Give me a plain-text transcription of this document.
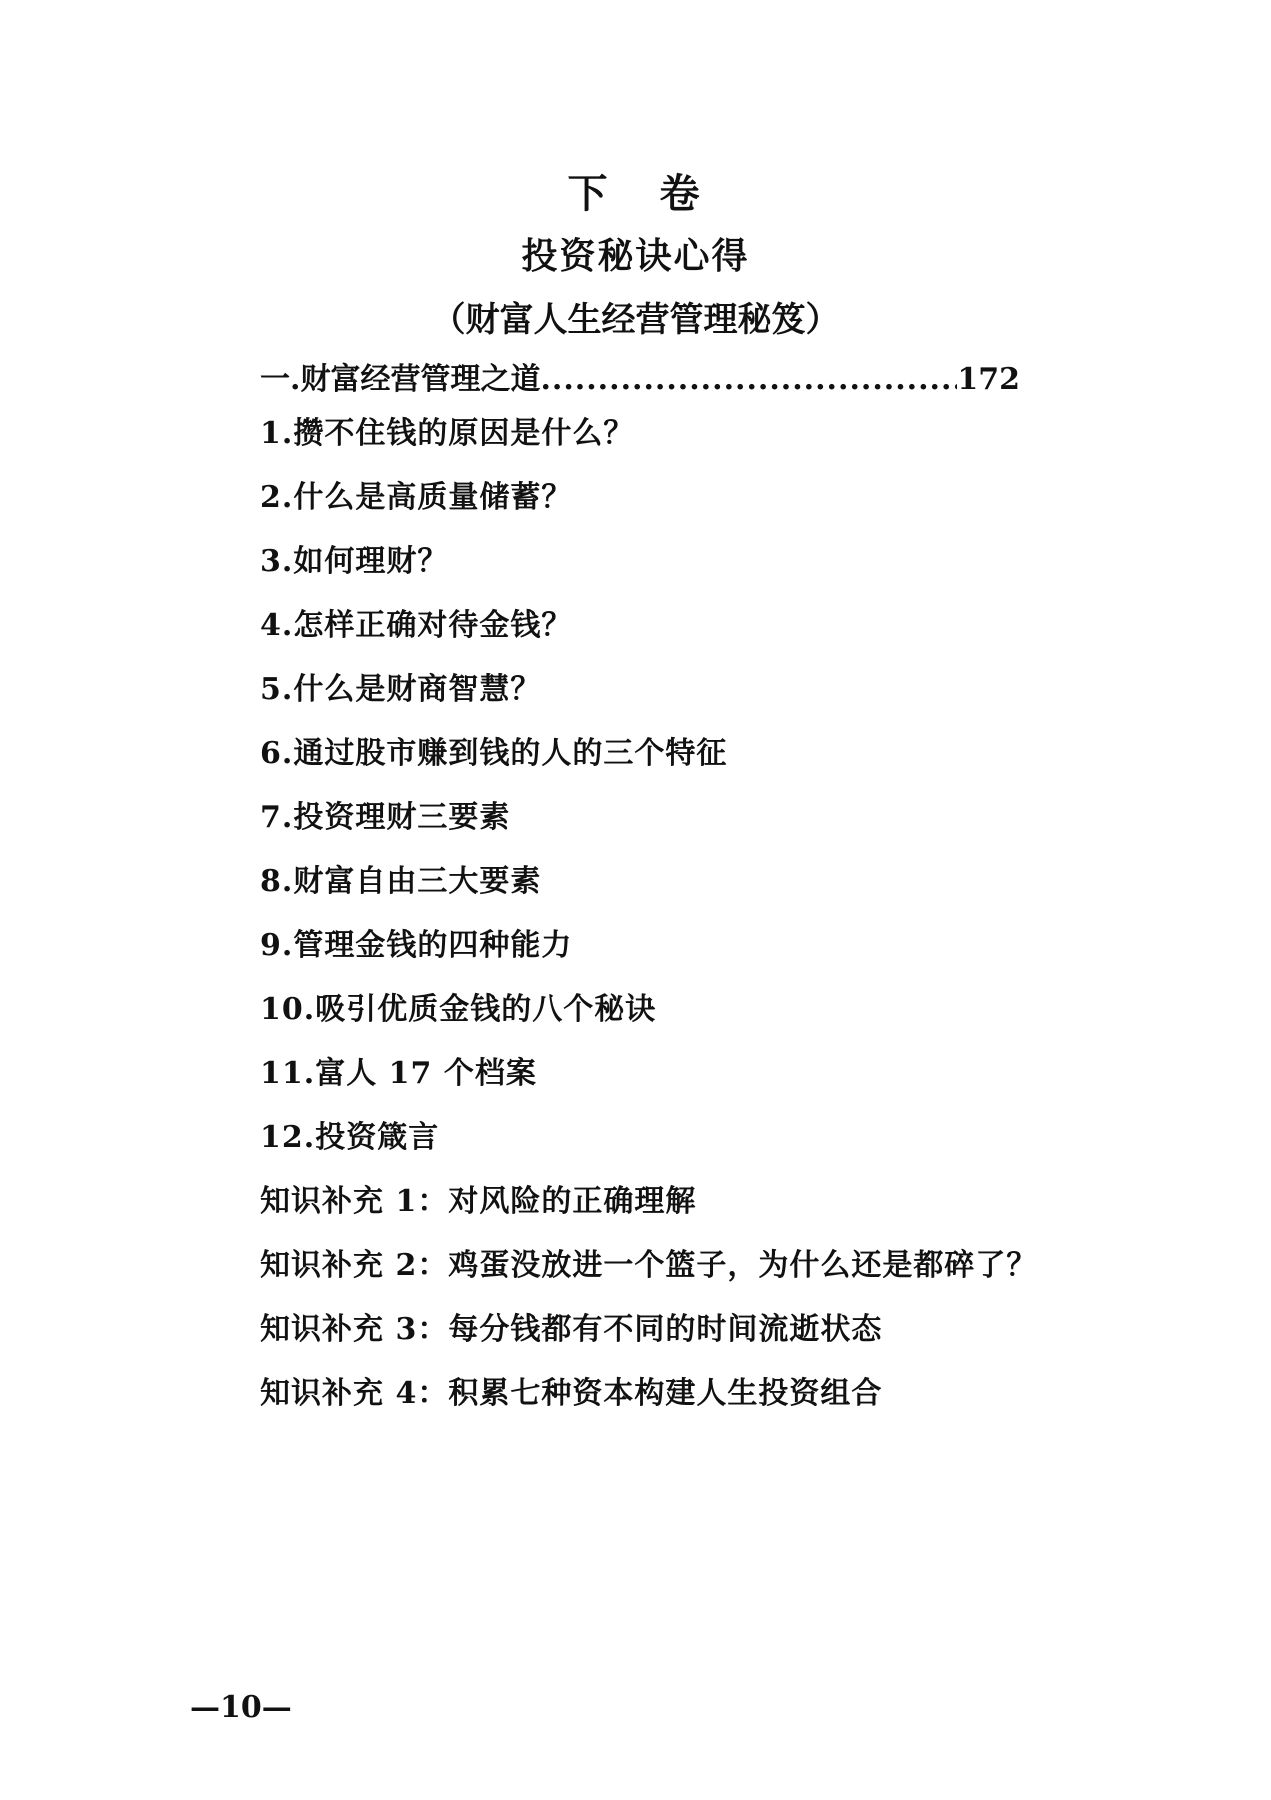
下 卷
投资秘诀心得
（财富人生经营管理秘笈）
一.财富经营管理之道
.....	172
1.攒不住钱的原因是什么？
2.什么是高质量储蓄？
3.如何理财？
4.怎样正确对待金钱？
5.什么是财商智慧？
6.通过股市赚到钱的人的三个特征
7.投资理财三要素
8.财富自由三大要素
9.管理金钱的四种能力
10.吸引优质金钱的八个秘诀
11.富人 17 个档案
12.投资箴言
知识补充 1：对风险的正确理解
知识补充 2：鸡蛋没放进一个篮子，为什么还是都碎了？
知识补充 3：每分钱都有不同的时间流逝状态
知识补充 4：积累七种资本构建人生投资组合
—10—
